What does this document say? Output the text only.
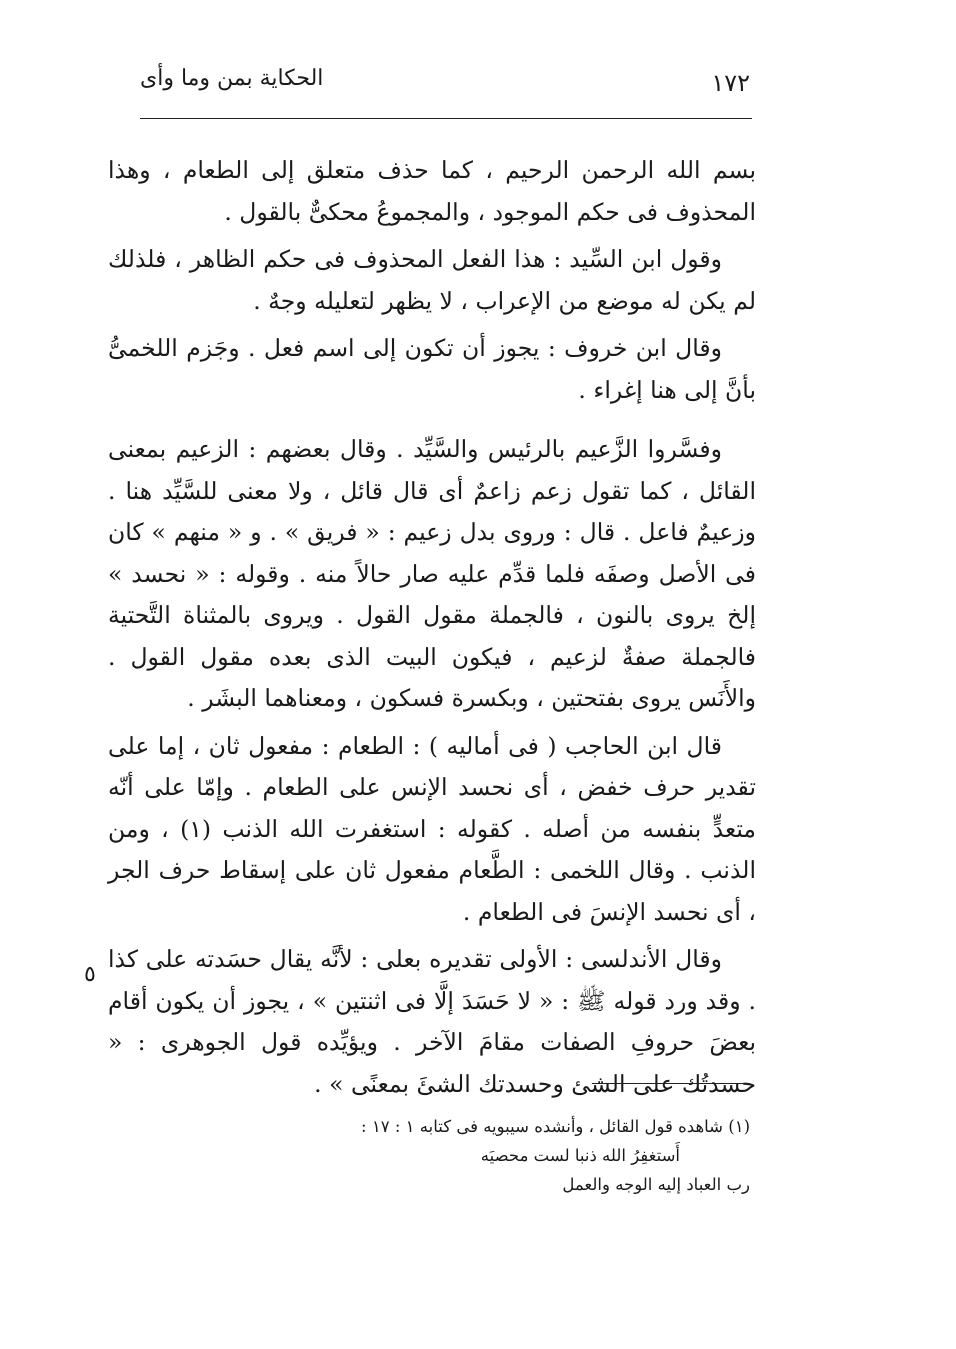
١٧٢
الحكاية بمن وما وأى

بسم الله الرحمن الرحيم ، كما حذف متعلق إلى الطعام ، وهذا المحذوف فى حكم الموجود ، والمجموعُ محكىٌّ بالقول .

وقول ابن السِّيد : هذا الفعل المحذوف فى حكم الظاهر ، فلذلك لم يكن له موضع من الإعراب ، لا يظهر لتعليله وجهٌ .

وقال ابن خروف : يجوز أن تكون إلى اسم فعل . وجَزم اللخمىُّ بأنَّ إلى هنا إغراء .

وفسَّروا الزَّعيم بالرئيس والسَّيِّد . وقال بعضهم : الزعيم بمعنى القائل ، كما تقول زعم زاعمٌ أى قال قائل ، ولا معنى للسَّيِّد هنا . وزعيمٌ فاعل . قال : وروى بدل زعيم : « فريق » . و « منهم » كان فى الأصل وصفَه فلما قدِّم عليه صار حالاً منه . وقوله : « نحسد » إلخ يروى بالنون ، فالجملة مقول القول . ويروى بالمثناة التَّحتية فالجملة صفةٌ لزعيم ، فيكون البيت الذى بعده مقول القول . والأَنَس يروى بفتحتين ، وبكسرة فسكون ، ومعناهما البشَر .

قال ابن الحاجب ( فى أماليه ) : الطعام : مفعول ثان ، إما على تقدير حرف خفض ، أى نحسد الإنس على الطعام . وإمّا على أنّه متعدٍّ بنفسه من أصله . كقوله : استغفرت الله الذنب (١) ، ومن الذنب . وقال اللخمى : الطَّعام مفعول ثان على إسقاط حرف الجر ، أى نحسد الإنسَ فى الطعام .

وقال الأندلسى : الأولى تقديره بعلى : لأنَّه يقال حسَدته على كذا . وقد ورد قوله ﷺ : « لا حَسَدَ إلَّا فى اثنتين » ، يجوز أن يكون أقام بعضَ حروفِ الصفات مقامَ الآخر . ويؤيِّده قول الجوهرى : « حسدتُك على الشئ وحسدتك الشئَ بمعنًى » .

٥

(١) شاهده قول القائل ، وأنشده سيبويه فى كتابه ١ : ١٧ :

أَستغفِرُ الله ذنبا لست محصيَه

رب العباد إليه الوجه والعمل
